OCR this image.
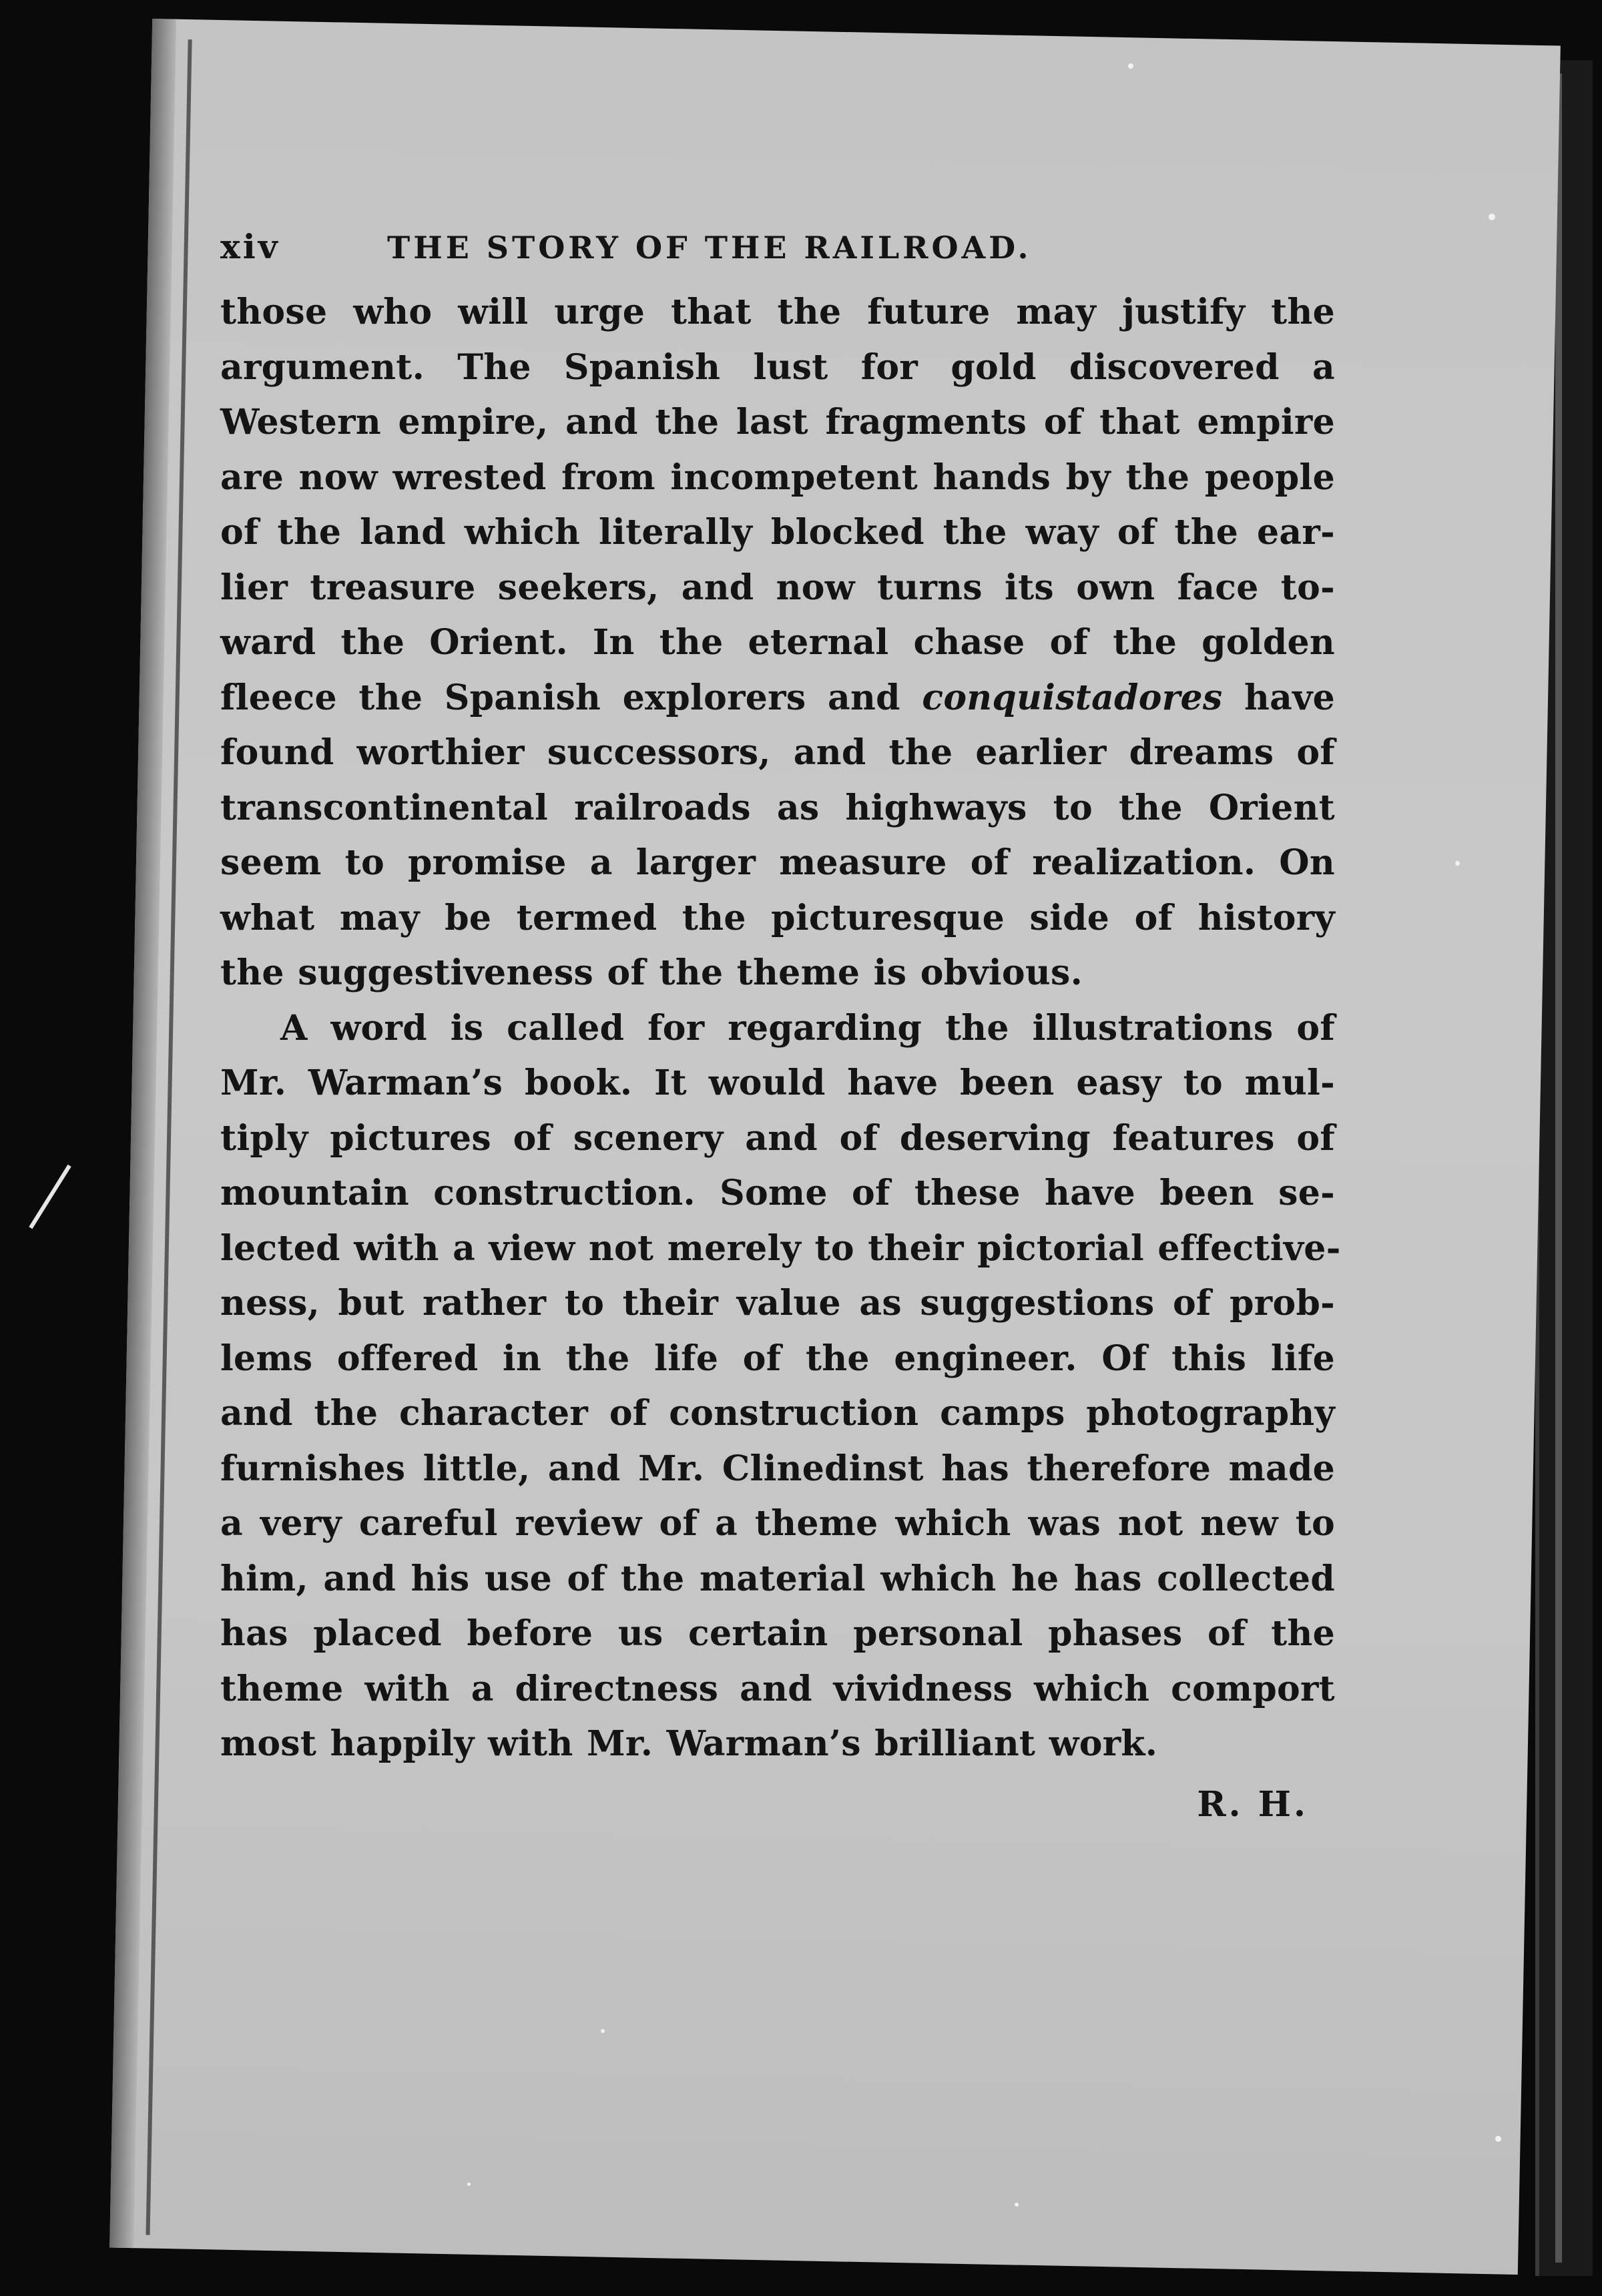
xiv	THE STORY OF THE RAILROAD.
those who will urge that the future may justify the
argument. The Spanish lust for gold discovered a
Western empire, and the last fragments of that empire
are now wrested from incompetent hands by the people
of the land which literally blocked the way of the ear-
lier treasure seekers, and now turns its own face to-
ward the Orient. In the eternal chase of the golden
fleece the Spanish explorers and conquistadores have
found worthier successors, and the earlier dreams of
transcontinental railroads as highways to the Orient
seem to promise a larger measure of realization. On
what may be termed the picturesque side of history
the suggestiveness of the theme is obvious.
A word is called for regarding the illustrations of
Mr. Warman’s book. It would have been easy to mul-
tiply pictures of scenery and of deserving features of
mountain construction. Some of these have been se-
lected with a view not merely to their pictorial effective-
ness, but rather to their value as suggestions of prob-
lems offered in the life of the engineer. Of this life
and the character of construction camps photography
furnishes little, and Mr. Clinedinst has therefore made
a very careful review of a theme which was not new to
him, and his use of the material which he has collected
has placed before us certain personal phases of the
theme with a directness and vividness which comport
most happily with Mr. Warman’s brilliant work.
R. H.
